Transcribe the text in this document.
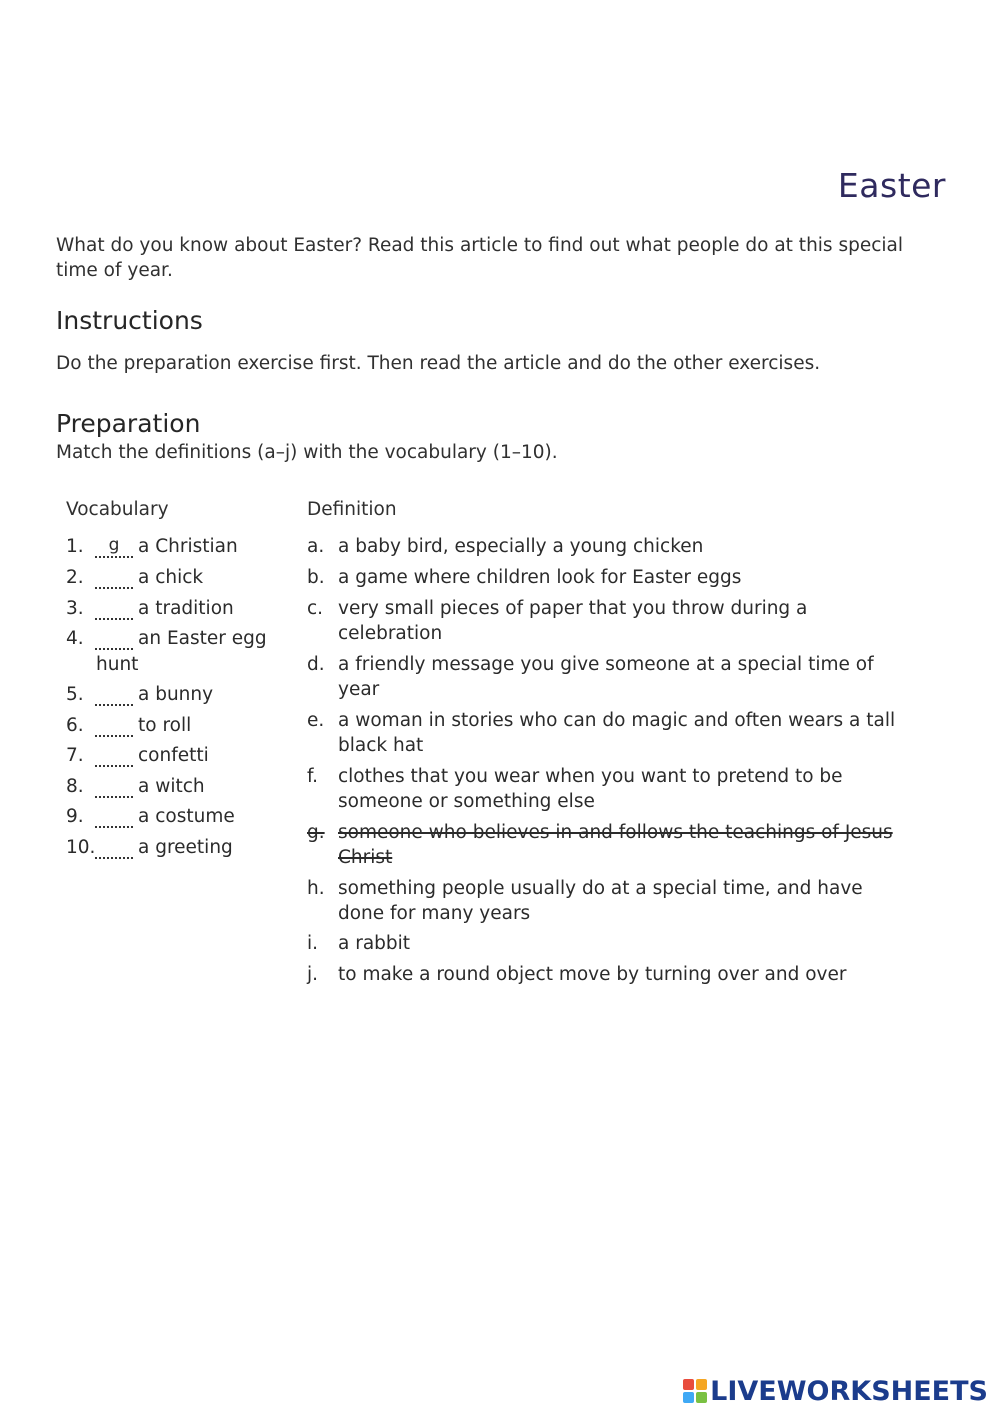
Easter
What do you know about Easter? Read this article to find out what people do at this special time of year.
Instructions
Do the preparation exercise first. Then read the article and do the other exercises.
Preparation
Match the definitions (a–j) with the vocabulary (1–10).
Vocabulary	Definition
1.	g	a Christian
2.	a chick
3.	a tradition
4.	an Easter egg hunt
5.	a bunny
6.	to roll
7.	confetti
8.	a witch
9.	a costume
10. a greeting
a. a baby bird, especially a young chicken
b. a game where children look for Easter eggs
c. very small pieces of paper that you throw during a celebration
d. a friendly message you give someone at a special time of year
e. a woman in stories who can do magic and often wears a tall black hat
f.	clothes that you wear when you want to pretend to be someone or something else
g. someone who believes in and follows the teachings of Jesus Christ
h. something people usually do at a special time, and have done for many years
i.	a rabbit
j.	to make a round object move by turning over and over
LIVEWORKSHEETS
